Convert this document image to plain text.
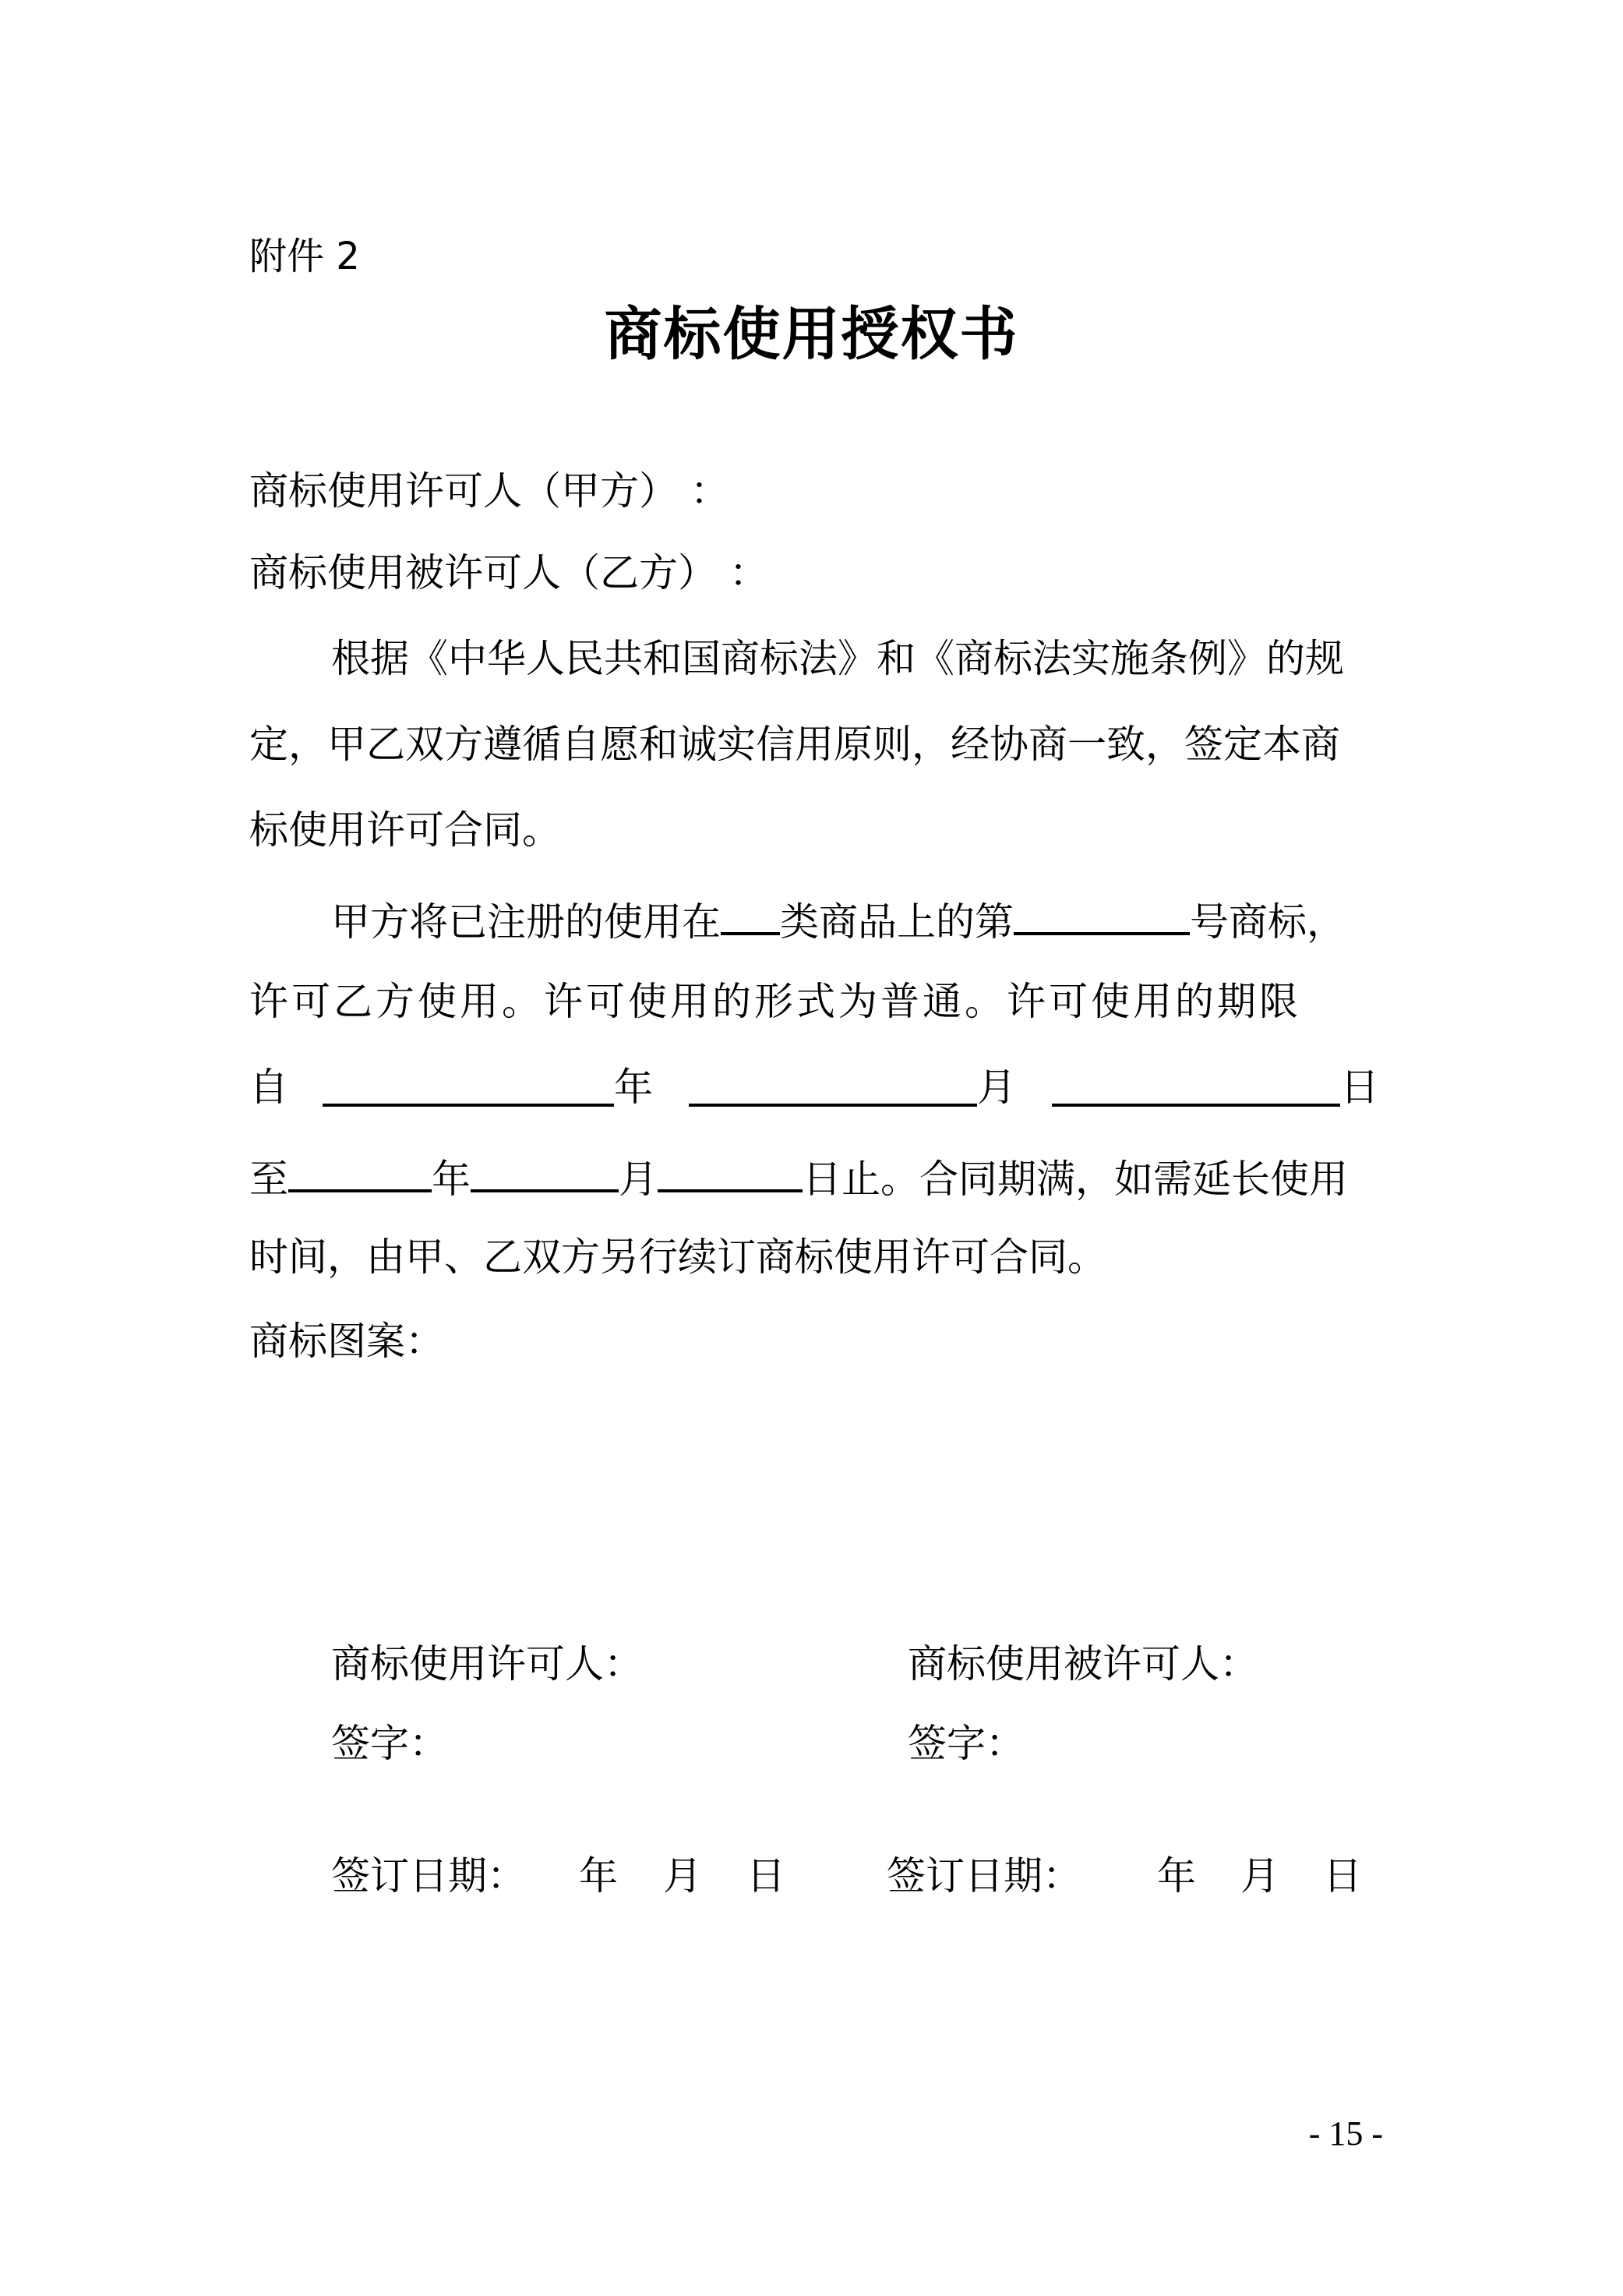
附件 2
商标使用授权书
商标使用许可人（甲方） ：
商标使用被许可人（乙方） ：
根据《中华人民共和国商标法》和《商标法实施条例》的规
定，甲乙双方遵循自愿和诚实信用原则，经协商一致，签定本商
标使用许可合同。
甲方将已注册的使用在 类商品上的第	号商标，
许可乙方使用。许可使用的形式为普通。许可使用的期限
自	年	月	日
至	年	月	日止。合同期满，如需延长使用
时间，由甲、乙双方另行续订商标使用许可合同。
商标图案：
商标使用许可人：	商标使用被许可人：
签字：	签字：
签订日期： 年 月 日	签订日期： 年 月 日
- 15 -
